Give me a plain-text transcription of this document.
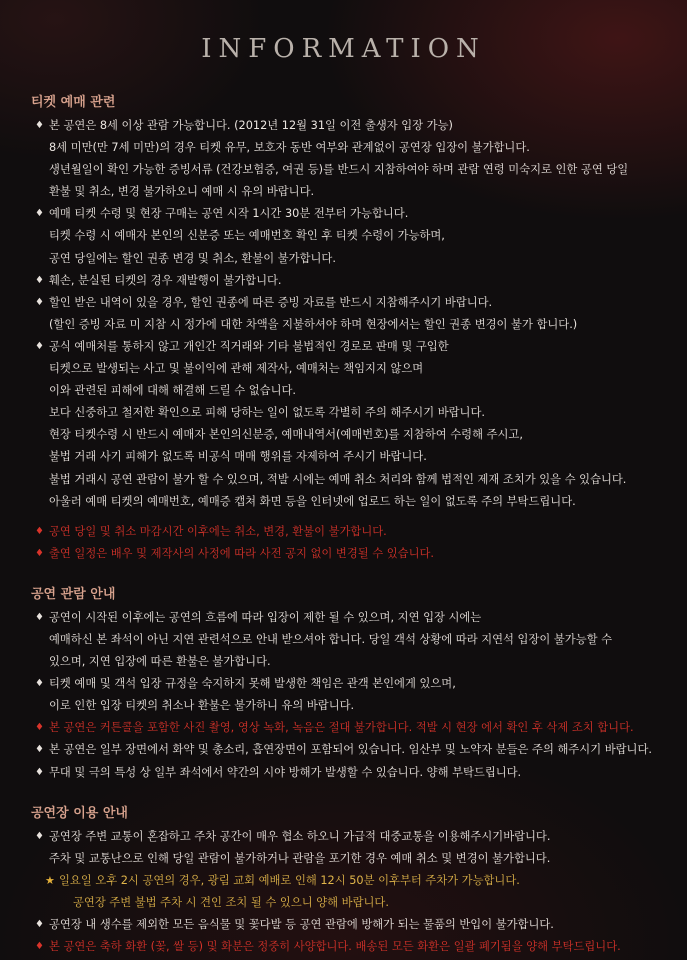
INFORMATION
티켓 예매 관련
♦ 본 공연은 8세 이상 관람 가능합니다. (2012년 12월 31일 이전 출생자 입장 가능)
8세 미만(만 7세 미만)의 경우 티켓 유무, 보호자 동반 여부와 관계없이 공연장 입장이 불가합니다.
생년월일이 확인 가능한 증빙서류 (건강보험증, 여권 등)를 반드시 지참하여야 하며 관람 연령 미숙지로 인한 공연 당일
환불 및 취소, 변경 불가하오니 예매 시 유의 바랍니다.
♦ 예매 티켓 수령 및 현장 구매는 공연 시작 1시간 30분 전부터 가능합니다.
티켓 수령 시 예매자 본인의 신분증 또는 예매번호 확인 후 티켓 수령이 가능하며,
공연 당일에는 할인 권종 변경 및 취소, 환불이 불가합니다.
♦ 훼손, 분실된 티켓의 경우 재발행이 불가합니다.
♦ 할인 받은 내역이 있을 경우, 할인 권종에 따른 증빙 자료를 반드시 지참해주시기 바랍니다.
(할인 증빙 자료 미 지참 시 정가에 대한 차액을 지불하셔야 하며 현장에서는 할인 권종 변경이 불가 합니다.)
♦ 공식 예매처를 통하지 않고 개인간 직거래와 기타 불법적인 경로로 판매 및 구입한
티켓으로 발생되는 사고 및 불이익에 관해 제작사, 예매처는 책임지지 않으며
이와 관련된 피해에 대해 해결해 드릴 수 없습니다.
보다 신중하고 철저한 확인으로 피해 당하는 일이 없도록 각별히 주의 해주시기 바랍니다.
현장 티켓수령 시 반드시 예매자 본인의신분증, 예매내역서(예매번호)를 지참하여 수령해 주시고,
불법 거래 사기 피해가 없도록 비공식 매매 행위를 자제하여 주시기 바랍니다.
불법 거래시 공연 관람이 불가 할 수 있으며, 적발 시에는 예매 취소 처리와 함께 법적인 제재 조치가 있을 수 있습니다.
아울러 예매 티켓의 예매번호, 예매증 캡쳐 화면 등을 인터넷에 업로드 하는 일이 없도록 주의 부탁드립니다.
♦ 공연 당일 및 취소 마감시간 이후에는 취소, 변경, 환불이 불가합니다.
♦ 출연 일정은 배우 및 제작사의 사정에 따라 사전 공지 없이 변경될 수 있습니다.
공연 관람 안내
♦ 공연이 시작된 이후에는 공연의 흐름에 따라 입장이 제한 될 수 있으며, 지연 입장 시에는
예매하신 본 좌석이 아닌 지연 관련석으로 안내 받으셔야 합니다. 당일 객석 상황에 따라 지연석 입장이 불가능할 수
있으며, 지연 입장에 따른 환불은 불가합니다.
♦ 티켓 예매 및 객석 입장 규정을 숙지하지 못해 발생한 책임은 관객 본인에게 있으며,
이로 인한 입장 티켓의 취소나 환불은 불가하니 유의 바랍니다.
♦ 본 공연은 커튼콜을 포함한 사진 촬영, 영상 녹화, 녹음은 절대 불가합니다. 적발 시 현장 에서 확인 후 삭제 조치 합니다.
♦ 본 공연은 일부 장면에서 화약 및 총소리, 흡연장면이 포함되어 있습니다. 임산부 및 노약자 분들은 주의 해주시기 바랍니다.
♦ 무대 및 극의 특성 상 일부 좌석에서 약간의 시야 방해가 발생할 수 있습니다. 양해 부탁드립니다.
공연장 이용 안내
♦ 공연장 주변 교통이 혼잡하고 주차 공간이 매우 협소 하오니 가급적 대중교통을 이용해주시기바랍니다.
주차 및 교통난으로 인해 당일 관람이 불가하거나 관람을 포기한 경우 예매 취소 및 변경이 불가합니다.
★ 일요일 오후 2시 공연의 경우, 광림 교회 예배로 인해 12시 50분 이후부터 주차가 가능합니다.
공연장 주변 불법 주차 시 견인 조치 될 수 있으니 양해 바랍니다.
♦ 공연장 내 생수를 제외한 모든 음식물 및 꽃다발 등 공연 관람에 방해가 되는 물품의 반입이 불가합니다.
♦ 본 공연은 축하 화환 (꽃, 쌀 등) 및 화분은 정중히 사양합니다. 배송된 모든 화환은 일괄 폐기됨을 양해 부탁드립니다.
